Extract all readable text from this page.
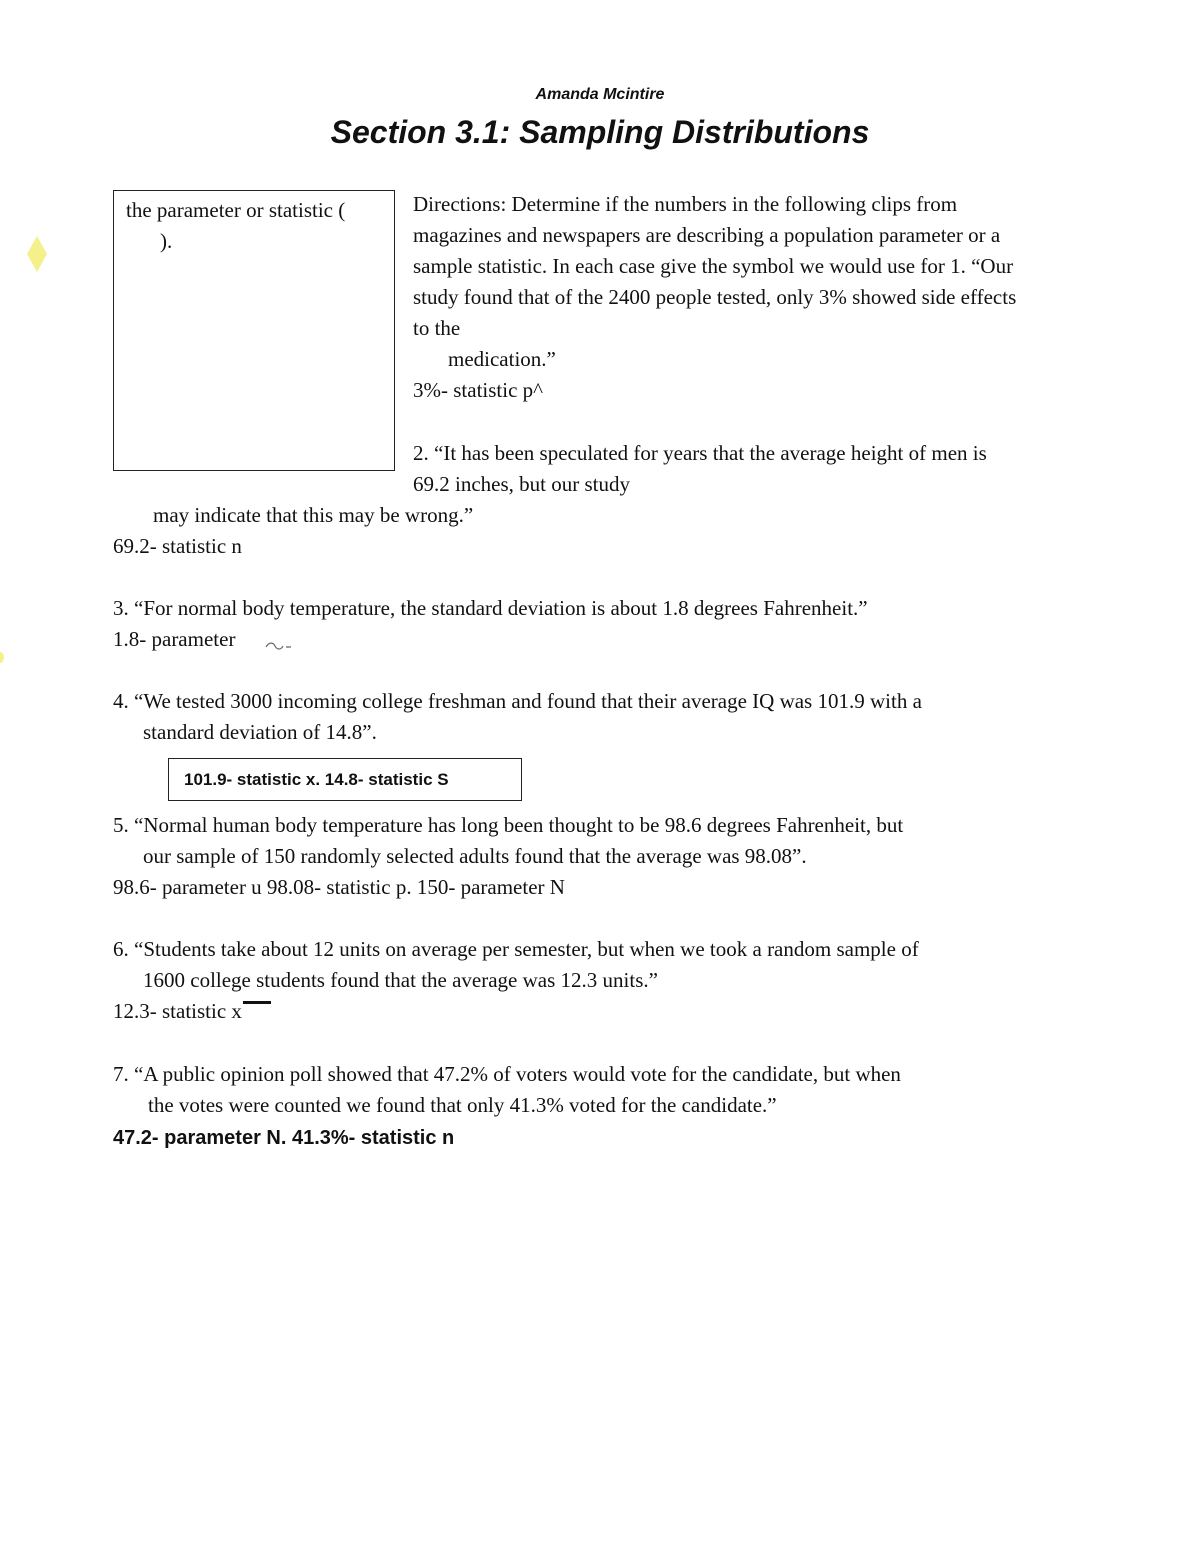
Amanda Mcintire
Section 3.1: Sampling Distributions
the parameter or statistic (
).
Directions: Determine if the numbers in the following clips from
magazines and newspapers are describing a population parameter or a
sample statistic. In each case give the symbol we would use for 1. “Our
study found that of the 2400 people tested, only 3% showed side effects
to the
medication.”
3%- statistic p^
2. “It has been speculated for years that the average height of men is
69.2 inches, but our study
may indicate that this may be wrong.”
69.2- statistic n
3. “For normal body temperature, the standard deviation is about 1.8 degrees Fahrenheit.”
1.8- parameter
4. “We tested 3000 incoming college freshman and found that their average IQ was 101.9 with a
standard deviation of 14.8”.
101.9- statistic x. 14.8- statistic S
5. “Normal human body temperature has long been thought to be 98.6 degrees Fahrenheit, but
our sample of 150 randomly selected adults found that the average was 98.08”.
98.6- parameter u 98.08- statistic p. 150- parameter N
6. “Students take about 12 units on average per semester, but when we took a random sample of
1600 college students found that the average was 12.3 units.”
12.3- statistic x
7. “A public opinion poll showed that 47.2% of voters would vote for the candidate, but when
the votes were counted we found that only 41.3% voted for the candidate.”
47.2- parameter N. 41.3%- statistic n
